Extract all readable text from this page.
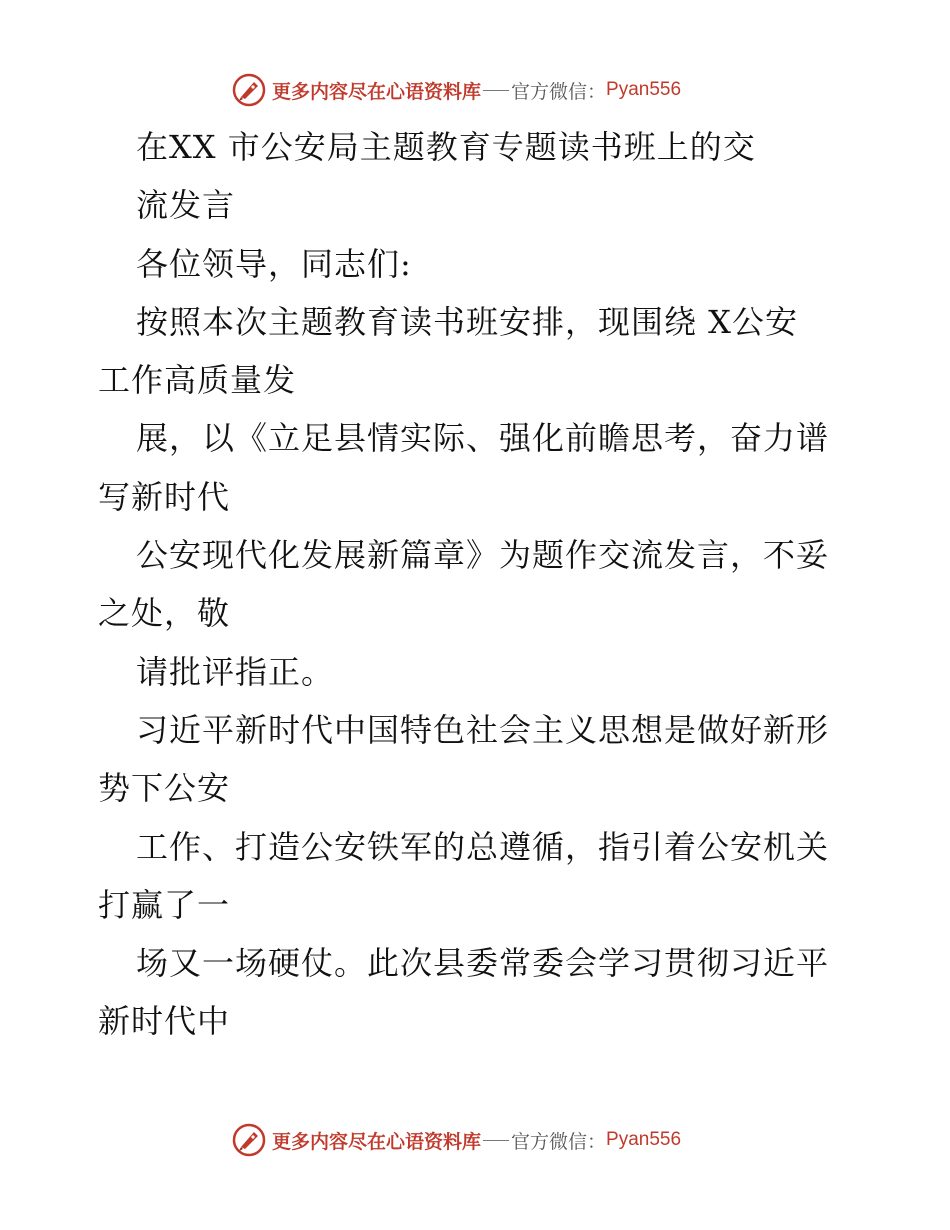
更多内容尽在心语资料库 官方微信： Pyan556
在XX 市公安局主题教育专题读书班上的交
流发言
各位领导，同志们:
按照本次主题教育读书班安排，现围绕 X公安
工作高质量发
展，以《立足县情实际、强化前瞻思考，奋力谱
写新时代
公安现代化发展新篇章》为题作交流发言，不妥
之处，敬
请批评指正。
习近平新时代中国特色社会主义思想是做好新形
势下公安
工作、打造公安铁军的总遵循，指引着公安机关
打赢了一
场又一场硬仗。此次县委常委会学习贯彻习近平
新时代中
更多内容尽在心语资料库 官方微信： Pyan556
